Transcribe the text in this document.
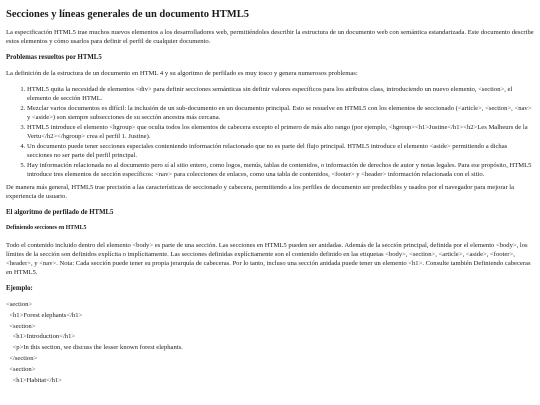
Secciones y líneas generales de un documento HTML5

La especificación HTML5 trae muchos nuevos elementos a los desarrolladores web, permitiéndoles describir la estructura de un documento web con semántica estandarizada. Este documento describe estos elementos y cómo usarlos para definir el perfil de cualquier documento.

Problemas resueltos por HTML5

La definición de la estructura de un documento en HTML 4 y su algoritmo de perfilado es muy tosco y genera numerosos problemas:

1. HTML5 quita la necesidad de elementos <div> para definir secciones semánticas sin definir valores específicos para los atributos class, introduciendo un nuevo elemento, <section>, el elemento de sección HTML.
2. Mezclar varios documentos es difícil: la inclusión de un sub-documento en un documento principal. Esto se resuelve en HTML5 con los elementos de seccionado (<article>, <section>, <nav> y <aside>) son siempre subsecciones de su sección ancestra más cercana.
3. HTML5 introduce el elemento <hgroup> que oculta todos los elementos de cabecera excepto el primero de más alto rango (por ejemplo, <hgroup><h1>Justine</h1><h2>Les Malheurs de la Vertu</h2></hgroup> crea el perfil 1. Justine).
4. Un documento puede tener secciones especiales conteniendo información relacionado que no es parte del flujo principal. HTML5 introduce el elemento <aside> permitiendo a dichas secciones no ser parte del perfil principal.
5. Hay información relacionada no al documento pero sí al sitio entero, como logos, menús, tablas de contenidos, o información de derechos de autor y notas legales. Para ese propósito, HTML5 introduce tres elementos de sección específicos: <nav> para colecciones de enlaces, como una tabla de contenidos, <footer> y <header> información relacionada con el sitio.

De manera más general, HTML5 trae precisión a las características de seccionado y cabecera, permitiendo a los perfiles de documento ser predecibles y usados por el navegador para mejorar la experiencia de usuario.

El algoritmo de perfilado de HTML5
Definiendo secciones en HTML5

Todo el contenido incluido dentro del elemento <body> es parte de una sección. Las secciones en HTML5 pueden ser anidadas. Además de la sección principal, definida por el elemento <body>, los límites de la sección son definidos explícita o implícitamente. Las secciones definidas explícitamente son el contenido definido en las etiquetas <body>, <section>, <article>, <aside>, <footer>, <header>, y <nav>. Nota: Cada sección puede tener su propia jerarquía de cabeceras. Por lo tanto, incluso una sección anidada puede tener un elemento <h1>. Consulte también Definiendo cabeceras en HTML5.

Ejemplo:
<section>
<h1>Forest elephants</h1>
<section>
<h1>Introduction</h1>
<p>In this section, we discuss the lesser known forest elephants.
</section>
<section>
<h1>Habitat</h1>
